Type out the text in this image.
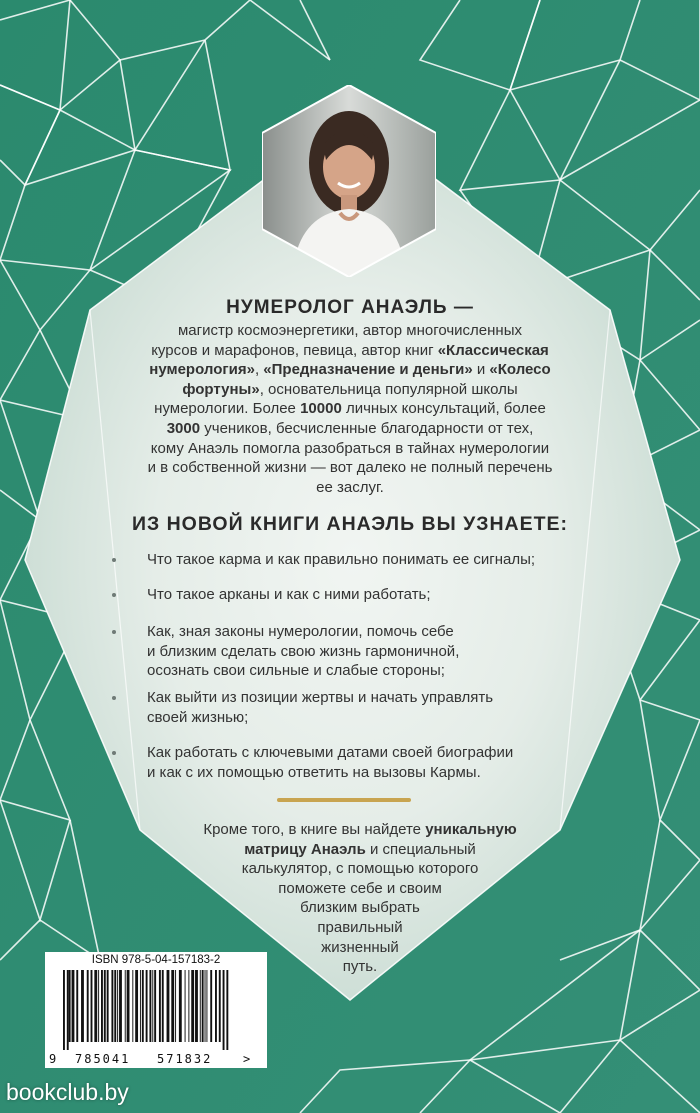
НУМЕРОЛОГ АНАЭЛЬ —
магистр космоэнергетики, автор многочисленных
курсов и марафонов, певица, автор книг «Классическая
нумерология», «Предназначение и деньги» и «Колесо
фортуны», основательница популярной школы
нумерологии. Более 10000 личных консультаций, более
3000 учеников, бесчисленные благодарности от тех,
кому Анаэль помогла разобраться в тайнах нумерологии
и в собственной жизни — вот далеко не полный перечень
ее заслуг.
ИЗ НОВОЙ КНИГИ АНАЭЛЬ ВЫ УЗНАЕТЕ:
Что такое карма и как правильно понимать ее сигналы;
Что такое арканы и как с ними работать;
Как, зная законы нумерологии, помочь себе
и близким сделать свою жизнь гармоничной,
осознать свои сильные и слабые стороны;
Как выйти из позиции жертвы и начать управлять
своей жизнью;
Как работать с ключевыми датами своей биографии
и как с их помощью ответить на вызовы Кармы.
Кроме того, в книге вы найдете уникальную
матрицу Анаэль и специальный
калькулятор, с помощью которого
поможете себе и своим
близким выбрать
правильный
жизненный
путь.
ISBN 978-5-04-157183-2
9 785041 571832	>
bookclub.by
